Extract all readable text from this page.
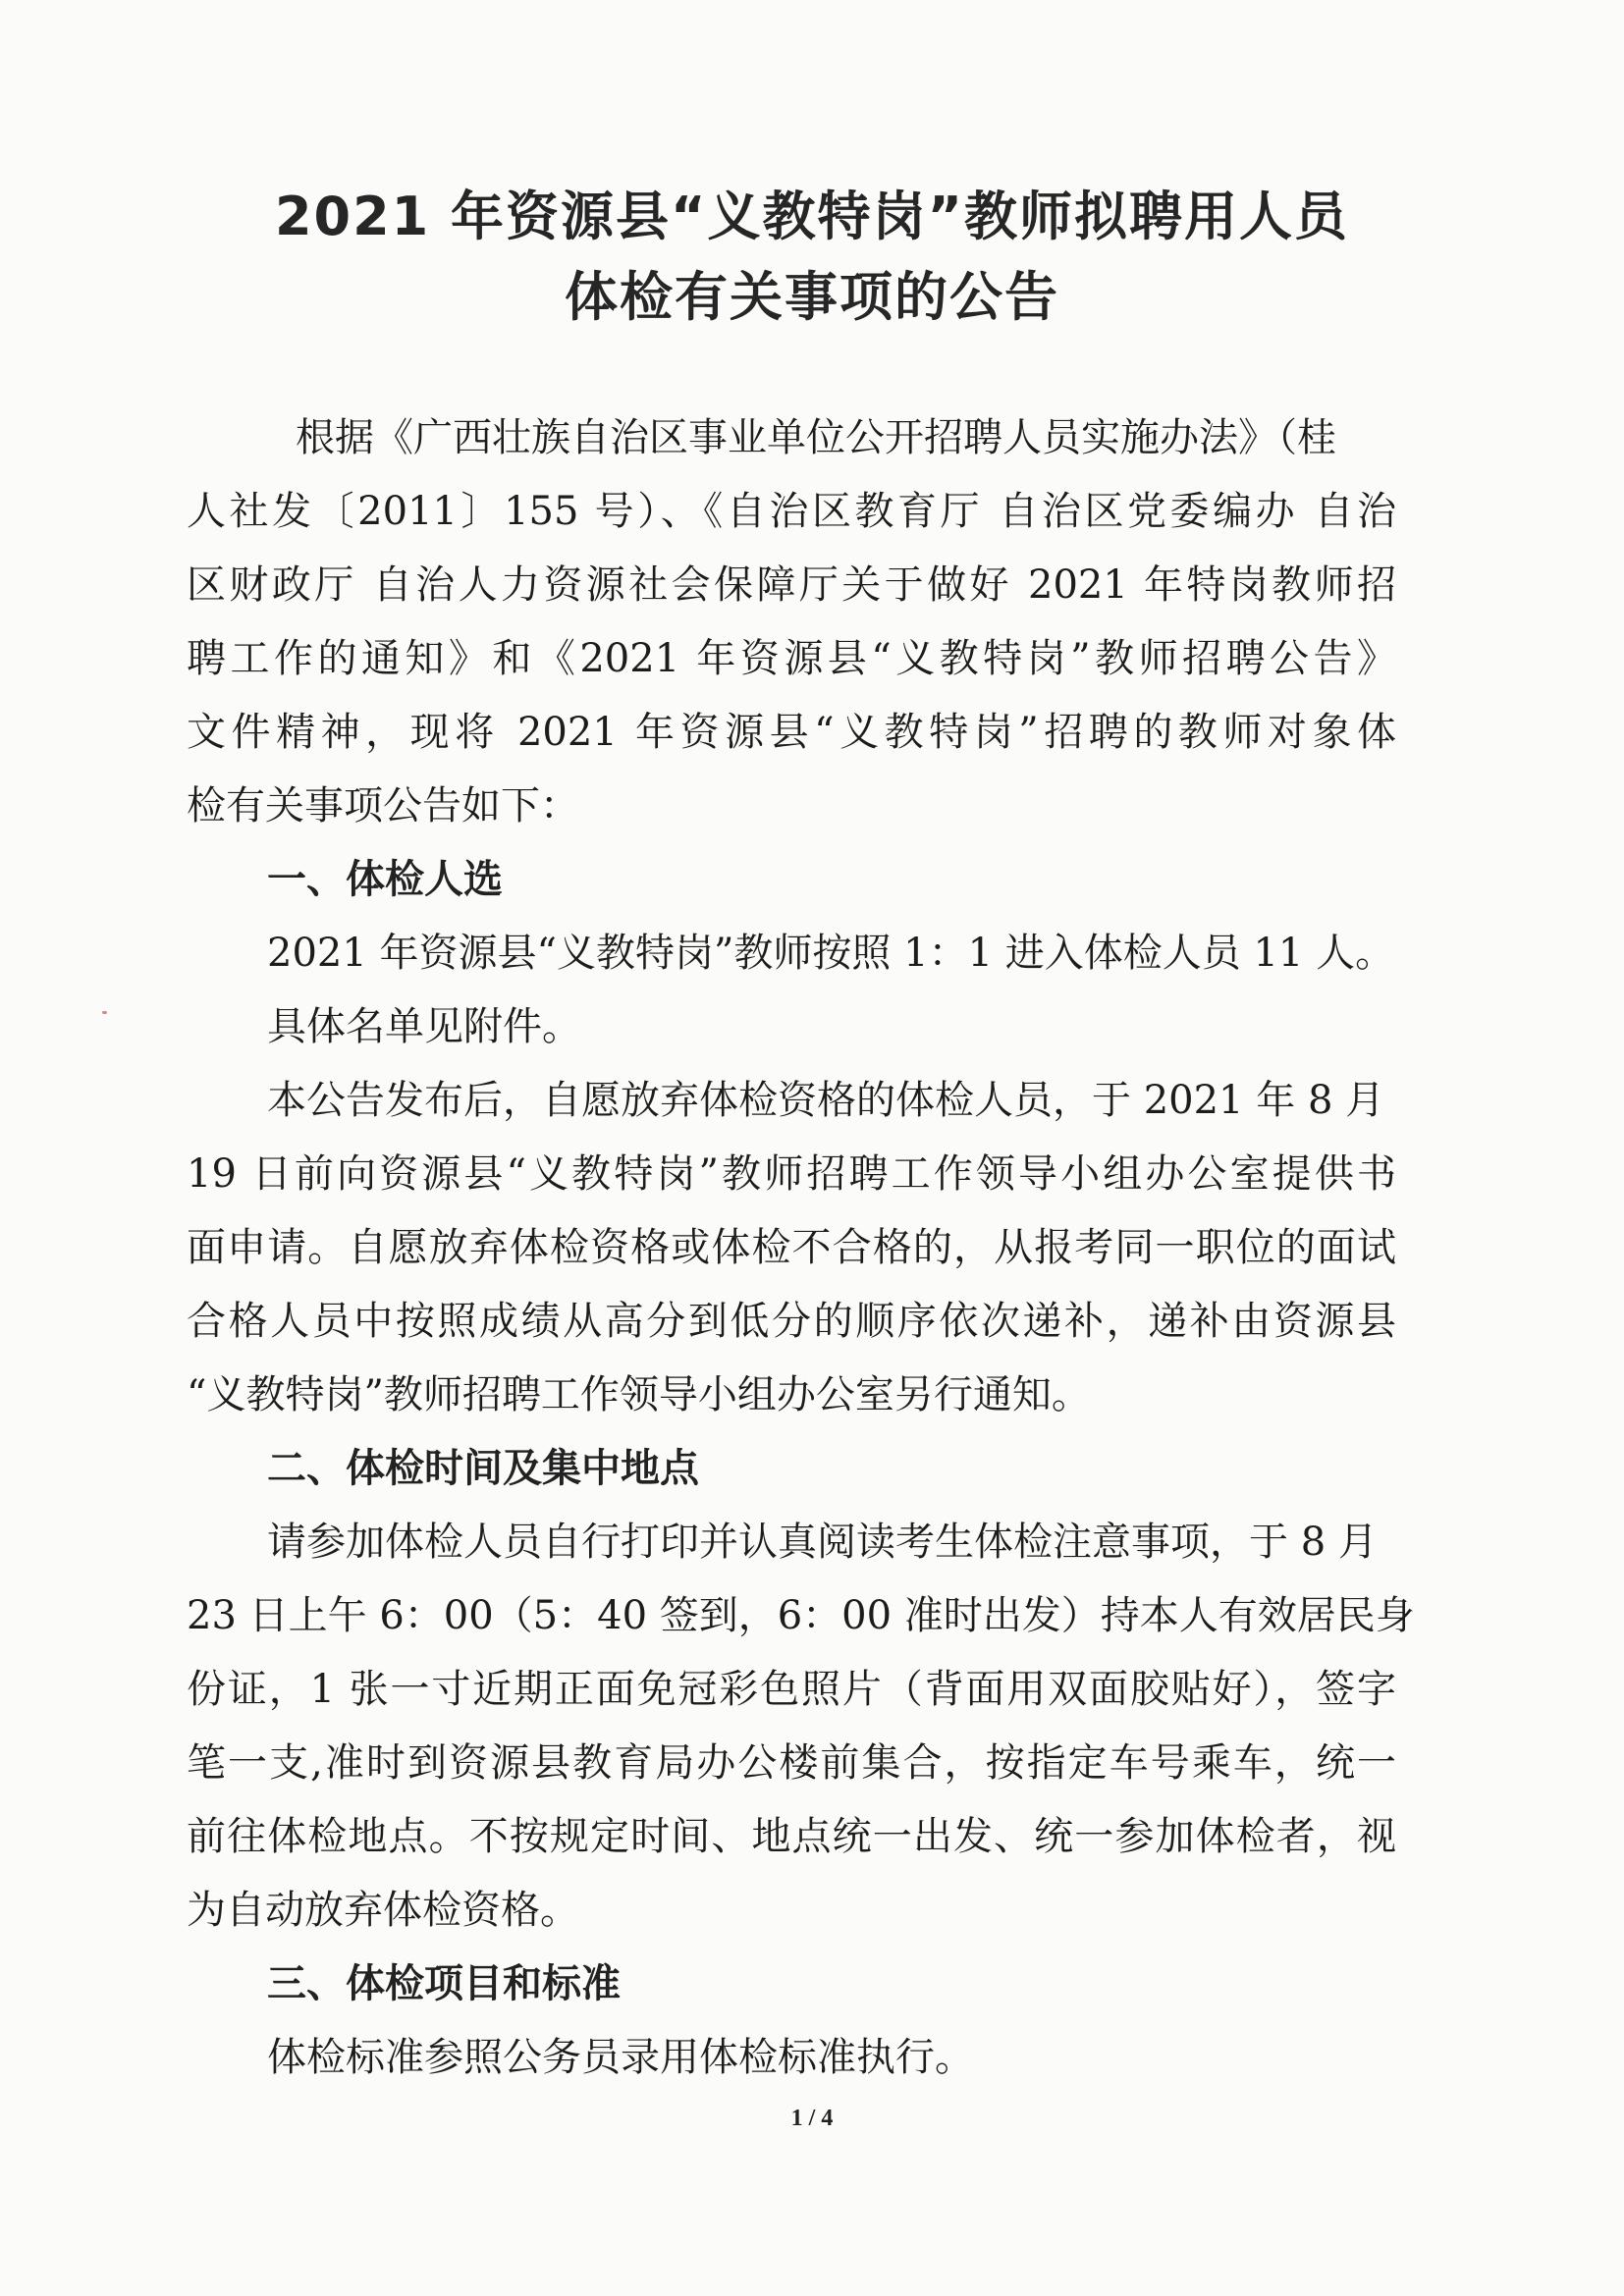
2021 年资源县“义教特岗”教师拟聘用人员
体检有关事项的公告
根据《广西壮族自治区事业单位公开招聘人员实施办法》（桂
人社发〔2011〕155 号）、《自治区教育厅 自治区党委编办 自治
区财政厅 自治人力资源社会保障厅关于做好 2021 年特岗教师招
聘工作的通知》和《2021 年资源县“义教特岗”教师招聘公告》
文件精神，现将 2021 年资源县“义教特岗”招聘的教师对象体
检有关事项公告如下：
一、体检人选
2021 年资源县“义教特岗”教师按照 1：1 进入体检人员 11 人。
具体名单见附件。
本公告发布后，自愿放弃体检资格的体检人员，于 2021 年 8 月
19 日前向资源县“义教特岗”教师招聘工作领导小组办公室提供书
面申请。自愿放弃体检资格或体检不合格的，从报考同一职位的面试
合格人员中按照成绩从高分到低分的顺序依次递补，递补由资源县
“义教特岗”教师招聘工作领导小组办公室另行通知。
二、体检时间及集中地点
请参加体检人员自行打印并认真阅读考生体检注意事项，于 8 月
23 日上午 6：00（5：40 签到，6：00 准时出发）持本人有效居民身
份证，1 张一寸近期正面免冠彩色照片（背面用双面胶贴好），签字
笔一支,准时到资源县教育局办公楼前集合，按指定车号乘车，统一
前往体检地点。不按规定时间、地点统一出发、统一参加体检者，视
为自动放弃体检资格。
三、体检项目和标准
体检标准参照公务员录用体检标准执行。
1 / 4
